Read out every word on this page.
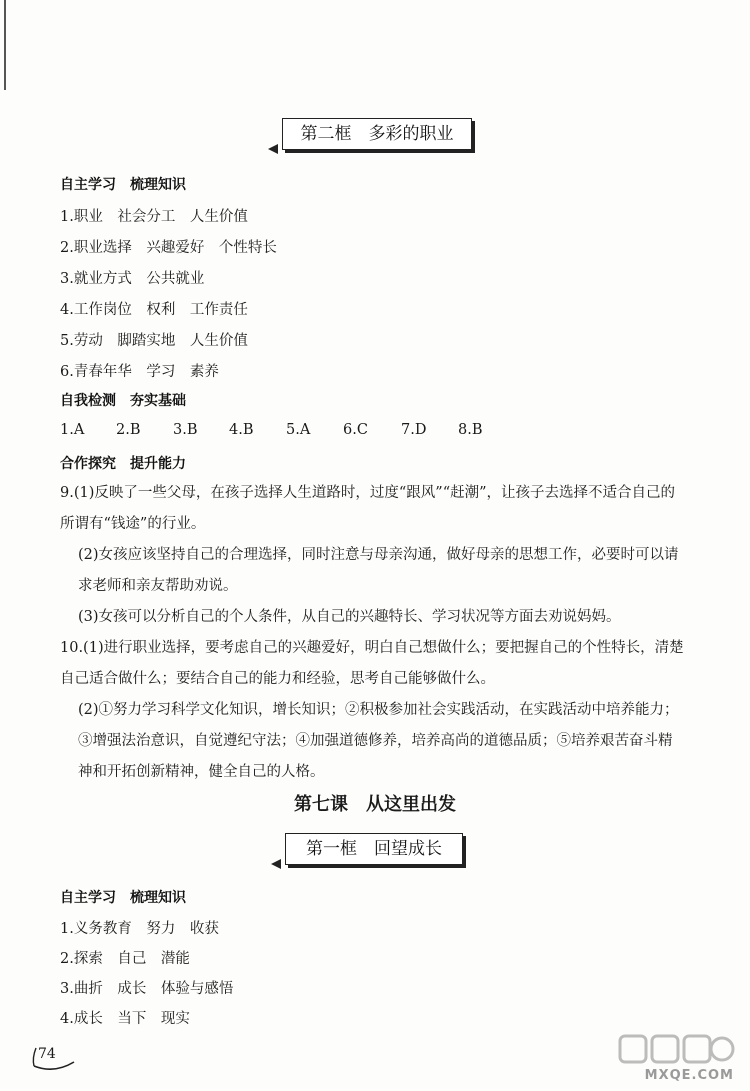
第二框　多彩的职业
自主学习　梳理知识
1.职业　社会分工　人生价值
2.职业选择　兴趣爱好　个性特长
3.就业方式　公共就业
4.工作岗位　权利　工作责任
5.劳动　脚踏实地　人生价值
6.青春年华　学习　素养
自我检测　夯实基础
1.A 2.B 3.B 4.B 5.A 6.C 7.D 8.B
合作探究　提升能力
9.(1)反映了一些父母，在孩子选择人生道路时，过度“跟风”“赶潮”，让孩子去选择不适合自己的所谓有“钱途”的行业。
(2)女孩应该坚持自己的合理选择，同时注意与母亲沟通，做好母亲的思想工作，必要时可以请求老师和亲友帮助劝说。
(3)女孩可以分析自己的个人条件，从自己的兴趣特长、学习状况等方面去劝说妈妈。
10.(1)进行职业选择，要考虑自己的兴趣爱好，明白自己想做什么；要把握自己的个性特长，清楚自己适合做什么；要结合自己的能力和经验，思考自己能够做什么。
(2)①努力学习科学文化知识，增长知识；②积极参加社会实践活动，在实践活动中培养能力；③增强法治意识，自觉遵纪守法；④加强道德修养，培养高尚的道德品质；⑤培养艰苦奋斗精神和开拓创新精神，健全自己的人格。
第七课　从这里出发
第一框　回望成长
自主学习　梳理知识
1.义务教育　努力　收获
2.探索　自己　潜能
3.曲折　成长　体验与感悟
4.成长　当下　现实
74
MXQE.COM
